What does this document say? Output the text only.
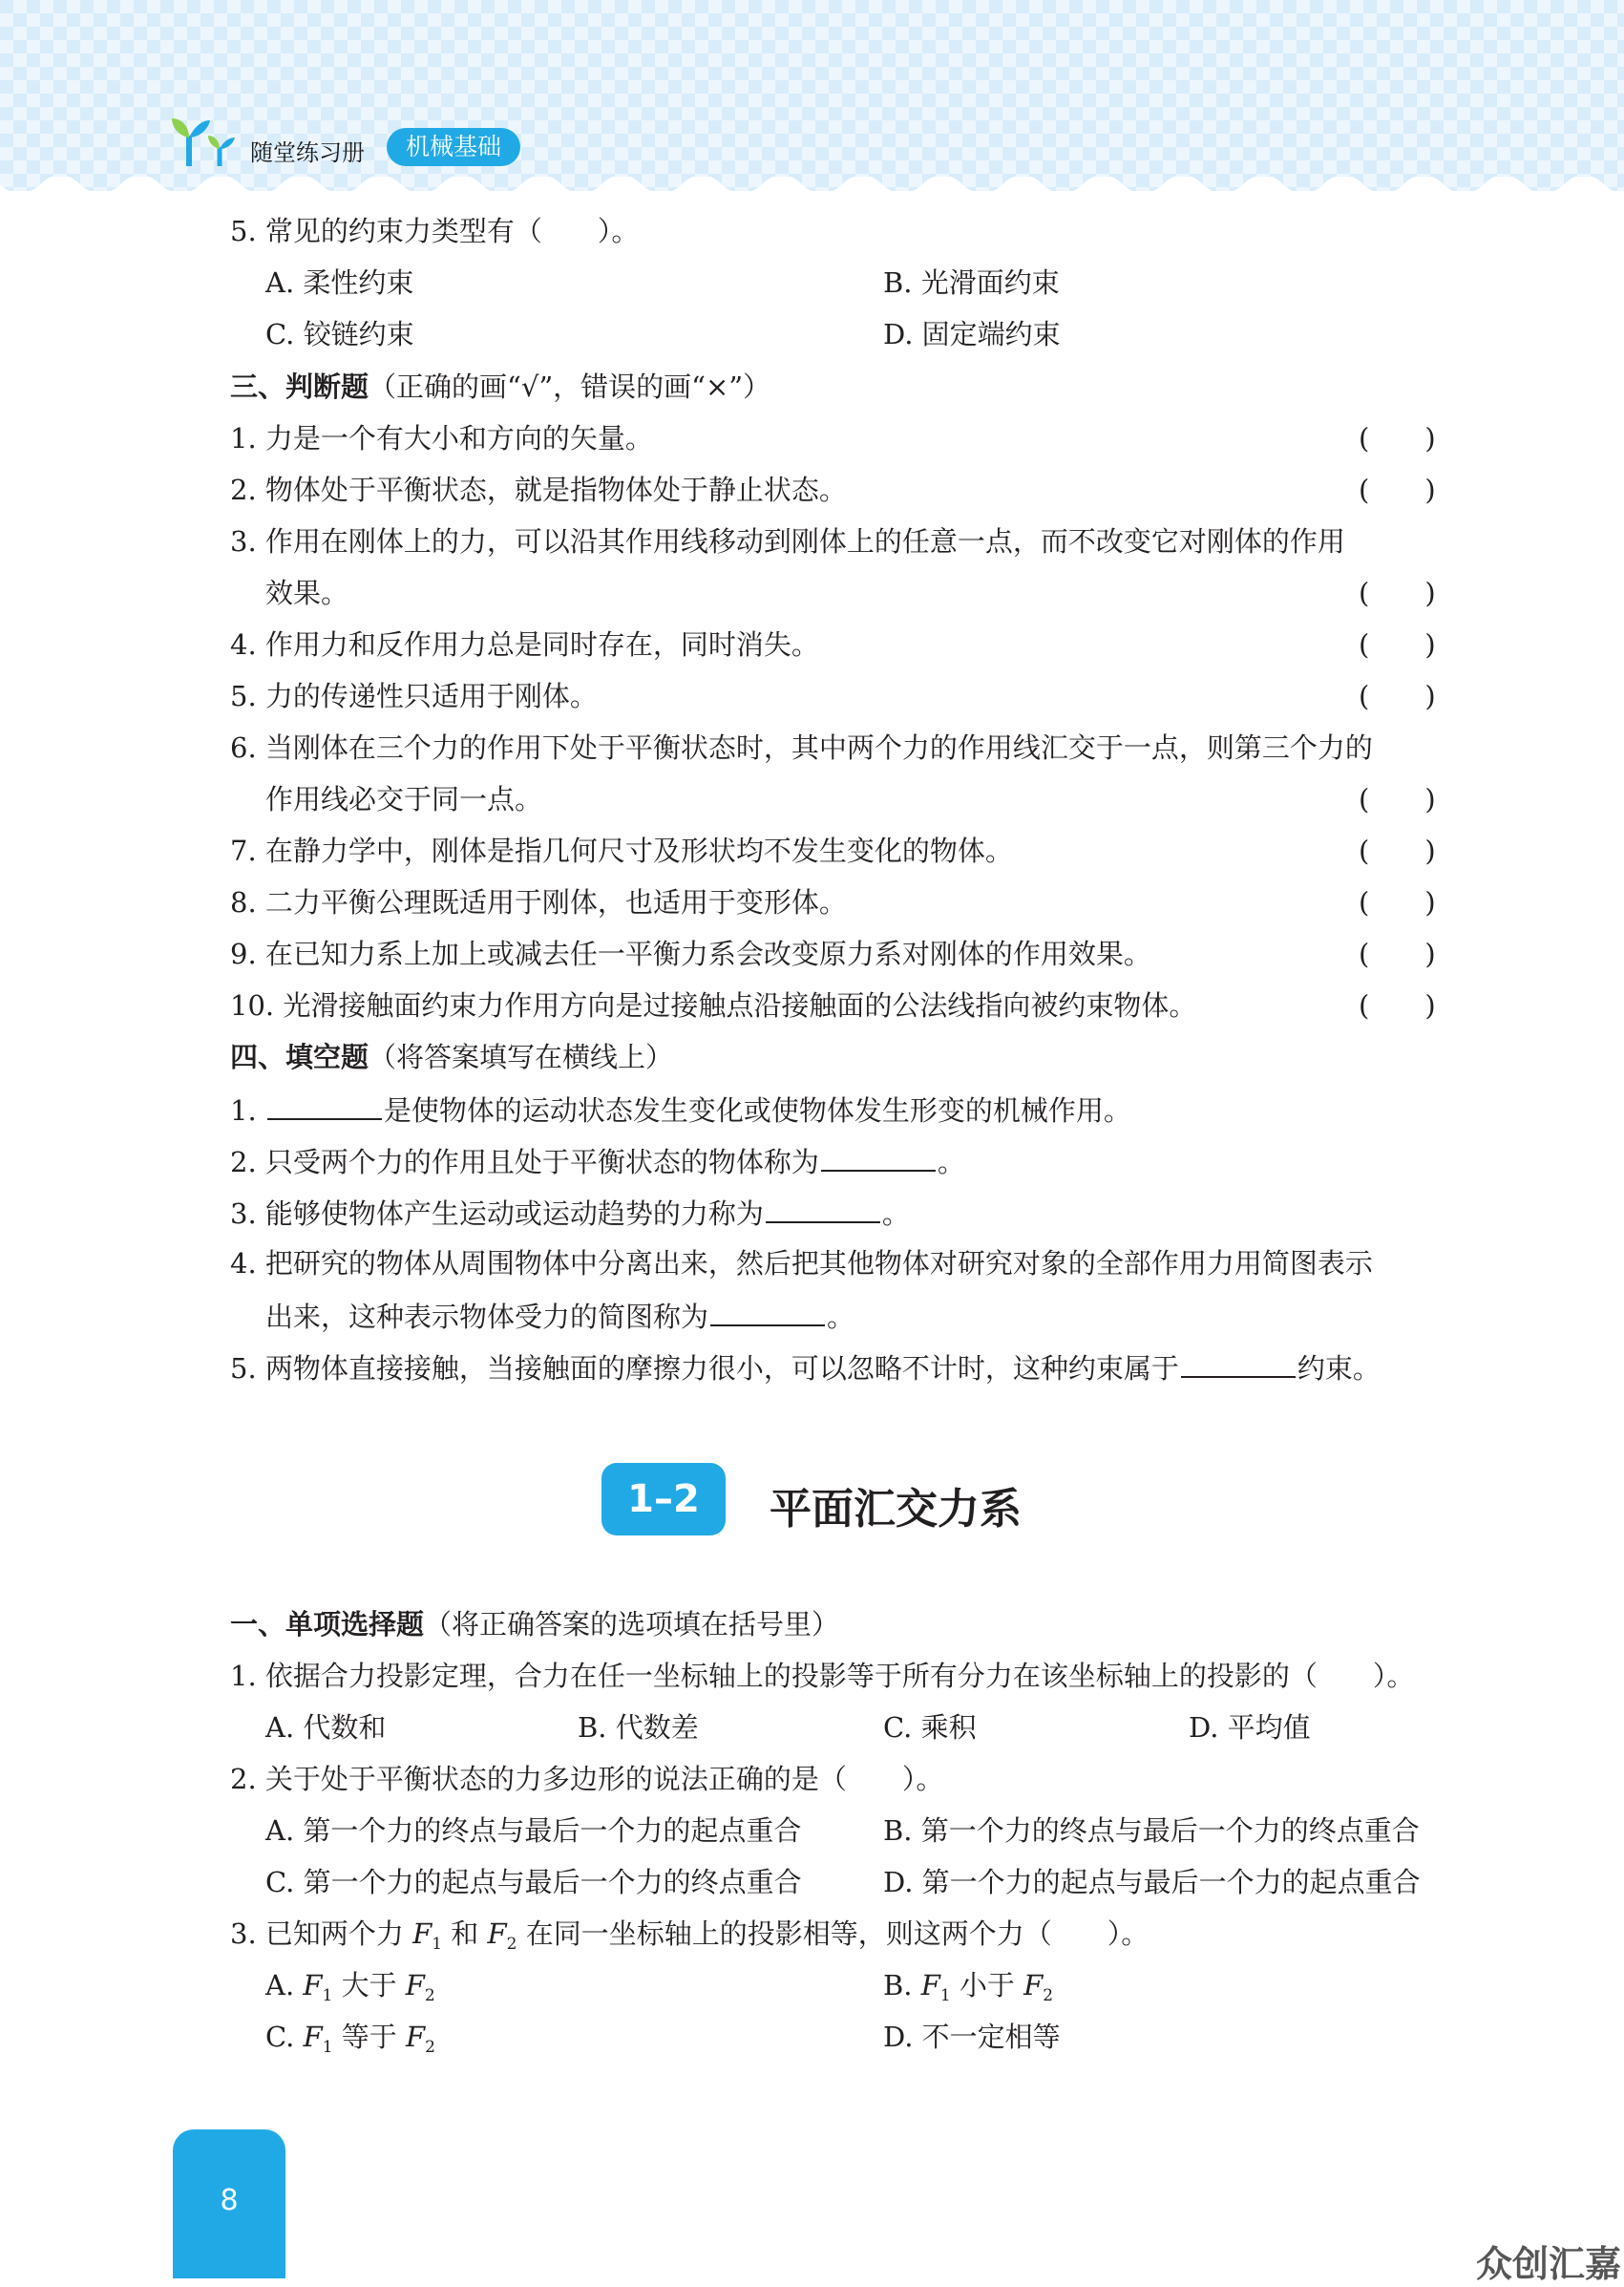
随堂练习册	机械基础
5. 常见的约束力类型有（　　）。
A. 柔性约束	B. 光滑面约束
C. 铰链约束	D. 固定端约束
三、判断题（正确的画“√”，错误的画“×”）
1. 力是一个有大小和方向的矢量。	(　　)
2. 物体处于平衡状态，就是指物体处于静止状态。	(　　)
3. 作用在刚体上的力，可以沿其作用线移动到刚体上的任意一点，而不改变它对刚体的作用
效果。	(　　)
4. 作用力和反作用力总是同时存在，同时消失。	(　　)
5. 力的传递性只适用于刚体。	(　　)
6. 当刚体在三个力的作用下处于平衡状态时，其中两个力的作用线汇交于一点，则第三个力的
作用线必交于同一点。	(　　)
7. 在静力学中，刚体是指几何尺寸及形状均不发生变化的物体。	(　　)
8. 二力平衡公理既适用于刚体，也适用于变形体。	(　　)
9. 在已知力系上加上或减去任一平衡力系会改变原力系对刚体的作用效果。	(　　)
10. 光滑接触面约束力作用方向是过接触点沿接触面的公法线指向被约束物体。	(　　)
四、填空题（将答案填写在横线上）
1.	是使物体的运动状态发生变化或使物体发生形变的机械作用。
2. 只受两个力的作用且处于平衡状态的物体称为	。
3. 能够使物体产生运动或运动趋势的力称为	。
4. 把研究的物体从周围物体中分离出来，然后把其他物体对研究对象的全部作用力用简图表示
出来，这种表示物体受力的简图称为	。
5. 两物体直接接触，当接触面的摩擦力很小，可以忽略不计时，这种约束属于	约束。
1–2	平面汇交力系
一、单项选择题（将正确答案的选项填在括号里）
1. 依据合力投影定理，合力在任一坐标轴上的投影等于所有分力在该坐标轴上的投影的（　　）。
A. 代数和	B. 代数差	C. 乘积	D. 平均值
2. 关于处于平衡状态的力多边形的说法正确的是（　　）。
A. 第一个力的终点与最后一个力的起点重合	B. 第一个力的终点与最后一个力的终点重合
C. 第一个力的起点与最后一个力的终点重合	D. 第一个力的起点与最后一个力的起点重合
3. 已知两个力 $F_1$ 和 $F_2$ 在同一坐标轴上的投影相等，则这两个力（　　）。
A. $F_1$ 大于 $F_2$	B. $F_1$ 小于 $F_2$
C. $F_1$ 等于 $F_2$	D. 不一定相等
8
众创汇嘉
